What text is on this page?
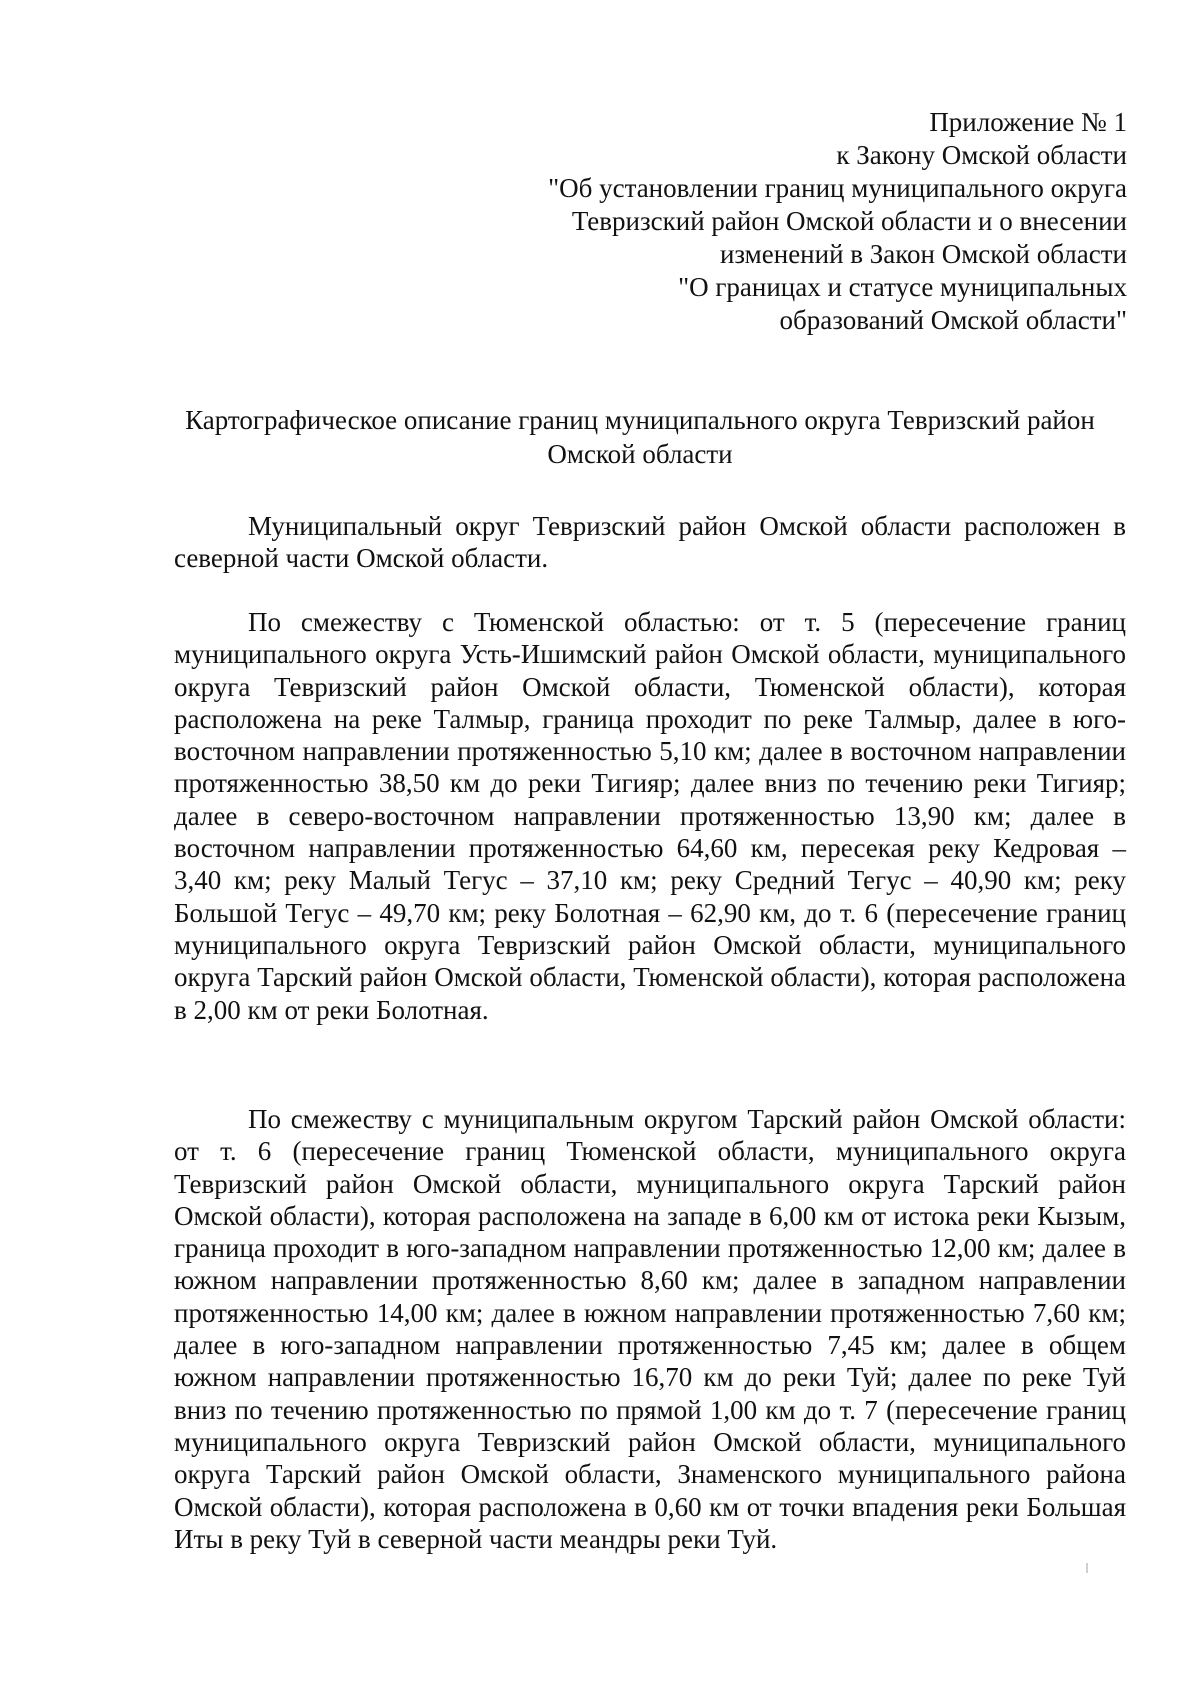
Приложение № 1
к Закону Омской области
"Об установлении границ муниципального округа
Тевризский район Омской области и о внесении
изменений в Закон Омской области
"О границах и статусе муниципальных
образований Омской области"
Картографическое описание границ муниципального округа Тевризский район
Омской области

Муниципальный округ Тевризский район Омской области расположен в северной части Омской области.

По смежеству с Тюменской областью: от т. 5 (пересечение границ муниципального округа Усть-Ишимский район Омской области, муниципального округа Тевризский район Омской области, Тюменской области), которая расположена на реке Талмыр, граница проходит по реке Талмыр, далее в юго-восточном направлении протяженностью 5,10 км; далее в восточном направлении протяженностью 38,50 км до реки Тигияр; далее вниз по течению реки Тигияр; далее в северо-восточном направлении протяженностью 13,90 км; далее в восточном направлении протяженностью 64,60 км, пересекая реку Кедровая – 3,40 км; реку Малый Тегус – 37,10 км; реку Средний Тегус – 40,90 км; реку Большой Тегус – 49,70 км; реку Болотная – 62,90 км, до т. 6 (пересечение границ муниципального округа Тевризский район Омской области, муниципального округа Тарский район Омской области, Тюменской области), которая расположена в 2,00 км от реки Болотная.

По смежеству с муниципальным округом Тарский район Омской области: от т. 6 (пересечение границ Тюменской области, муниципального округа Тевризский район Омской области, муниципального округа Тарский район Омской области), которая расположена на западе в 6,00 км от истока реки Кызым, граница проходит в юго-западном направлении протяженностью 12,00 км; далее в южном направлении протяженностью 8,60 км; далее в западном направлении протяженностью 14,00 км; далее в южном направлении протяженностью 7,60 км; далее в юго-западном направлении протяженностью 7,45 км; далее в общем южном направлении протяженностью 16,70 км до реки Туй; далее по реке Туй вниз по течению протяженностью по прямой 1,00 км до т. 7 (пересечение границ муниципального округа Тевризский район Омской области, муниципального округа Тарский район Омской области, Знаменского муниципального района Омской области), которая расположена в 0,60 км от точки впадения реки Большая Иты в реку Туй в северной части меандры реки Туй.
